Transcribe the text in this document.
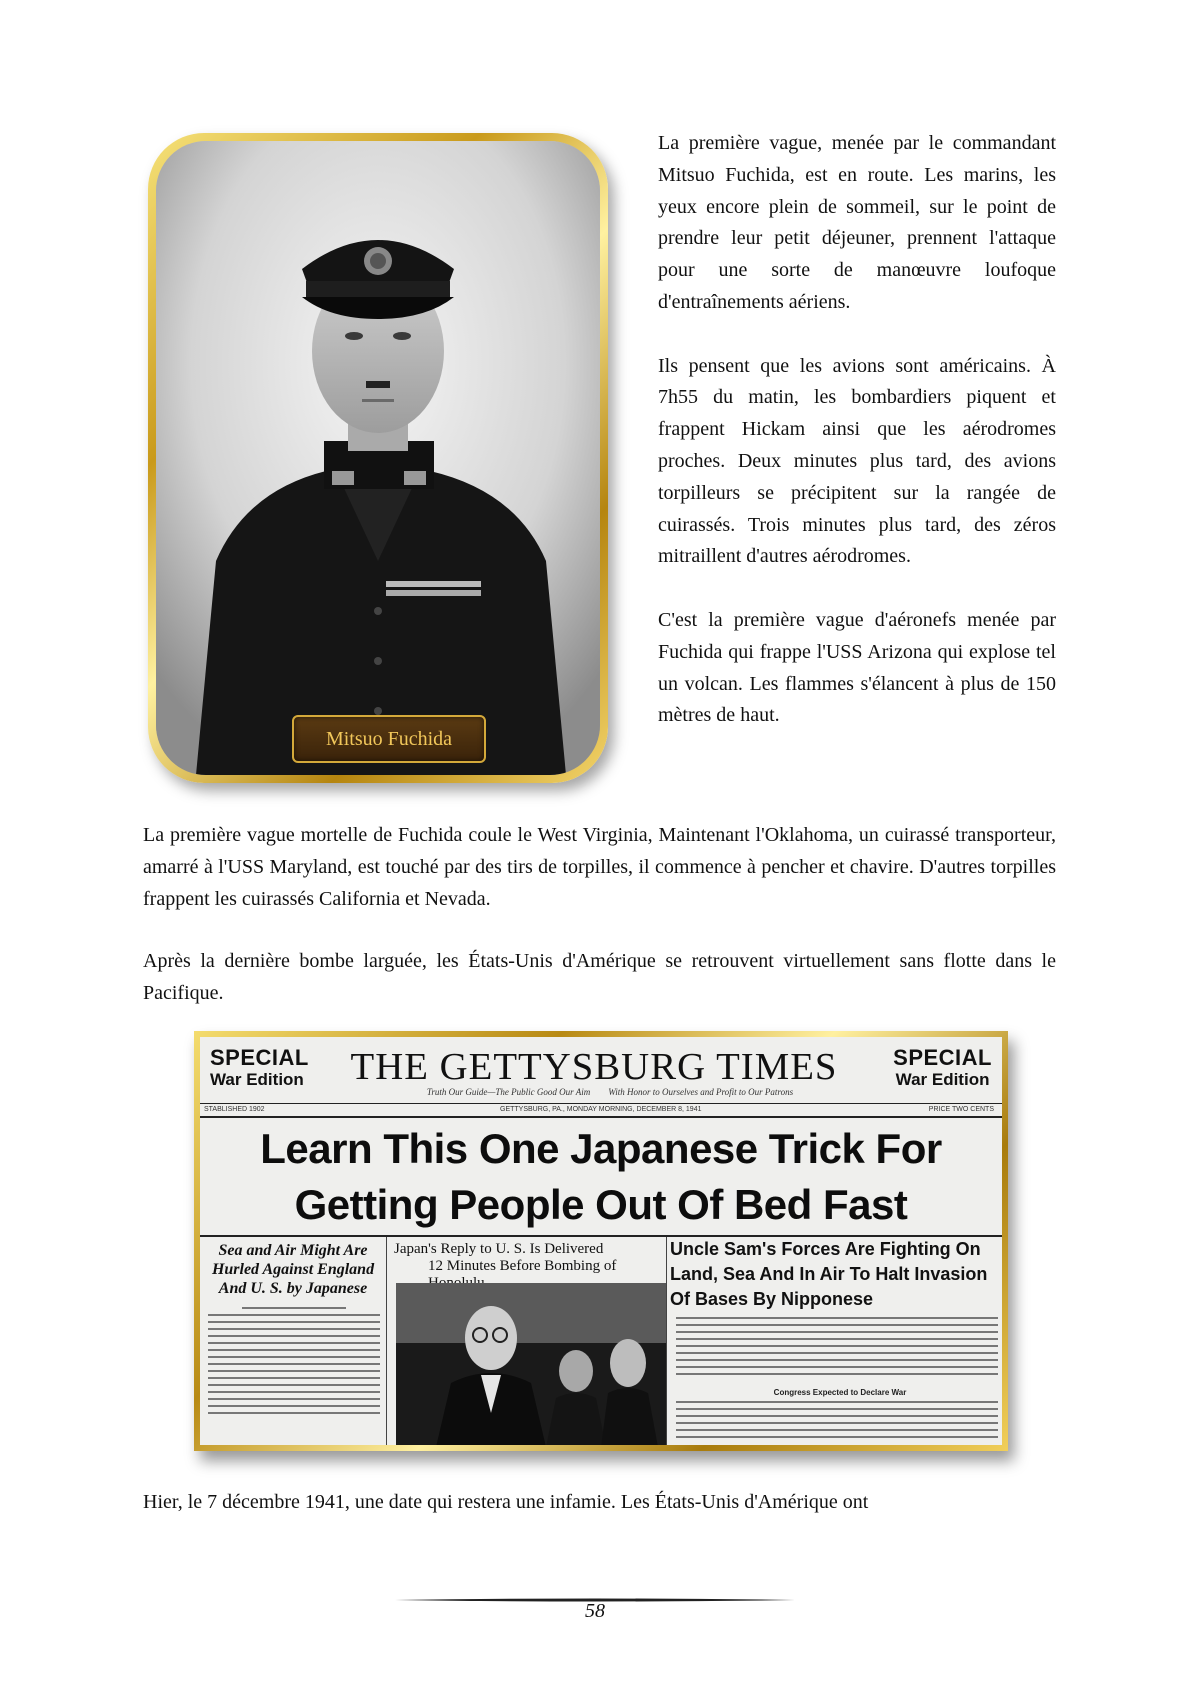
Mitsuo Fuchida

La première vague, menée par le commandant Mitsuo Fuchida, est en route. Les marins, les yeux encore plein de sommeil, sur le point de prendre leur petit déjeuner, prennent l'attaque pour une sorte de manœuvre loufoque d'entraînements aériens.

Ils pensent que les avions sont américains. À 7h55 du matin, les bombardiers piquent et frappent Hickam ainsi que les aérodromes proches. Deux minutes plus tard, des avions torpilleurs se précipitent sur la rangée de cuirassés. Trois minutes plus tard, des zéros mitraillent d'autres aérodromes.

C'est la première vague d'aéronefs menée par Fuchida qui frappe l'USS Arizona qui explose tel un volcan. Les flammes s'élancent à plus de 150 mètres de haut.

La première vague mortelle de Fuchida coule le West Virginia, Maintenant l'Oklahoma, un cuirassé transporteur, amarré à l'USS Maryland, est touché par des tirs de torpilles, il commence à pencher et chavire. D'autres torpilles frappent les cuirassés California et Nevada.

Après la dernière bombe larguée, les États-Unis d'Amérique se retrouvent virtuellement sans flotte dans le Pacifique.

SPECIAL
War Edition	THE GETTYSBURG TIMES
Truth Our Guide—The Public Good Our Aim With Honor to Ourselves and Profit to Our Patrons
SPECIAL
War Edition
STABLISHED 1902	GETTYSBURG, PA., MONDAY MORNING, DECEMBER 8, 1941	PRICE TWO CENTS
Learn This One Japanese Trick For
Getting People Out Of Bed Fast
Sea and Air Might Are Hurled Against England And U. S. by Japanese
Japan's Reply to U. S. Is Delivered
12 Minutes Before Bombing of
Uncle Sam's Forces Are Fighting On Land, Sea And In Air To Halt Invasion Of Bases By Nipponese
Congress Expected to Declare War

Hier, le 7 décembre 1941, une date qui restera une infamie. Les États-Unis d'Amérique ont

58
